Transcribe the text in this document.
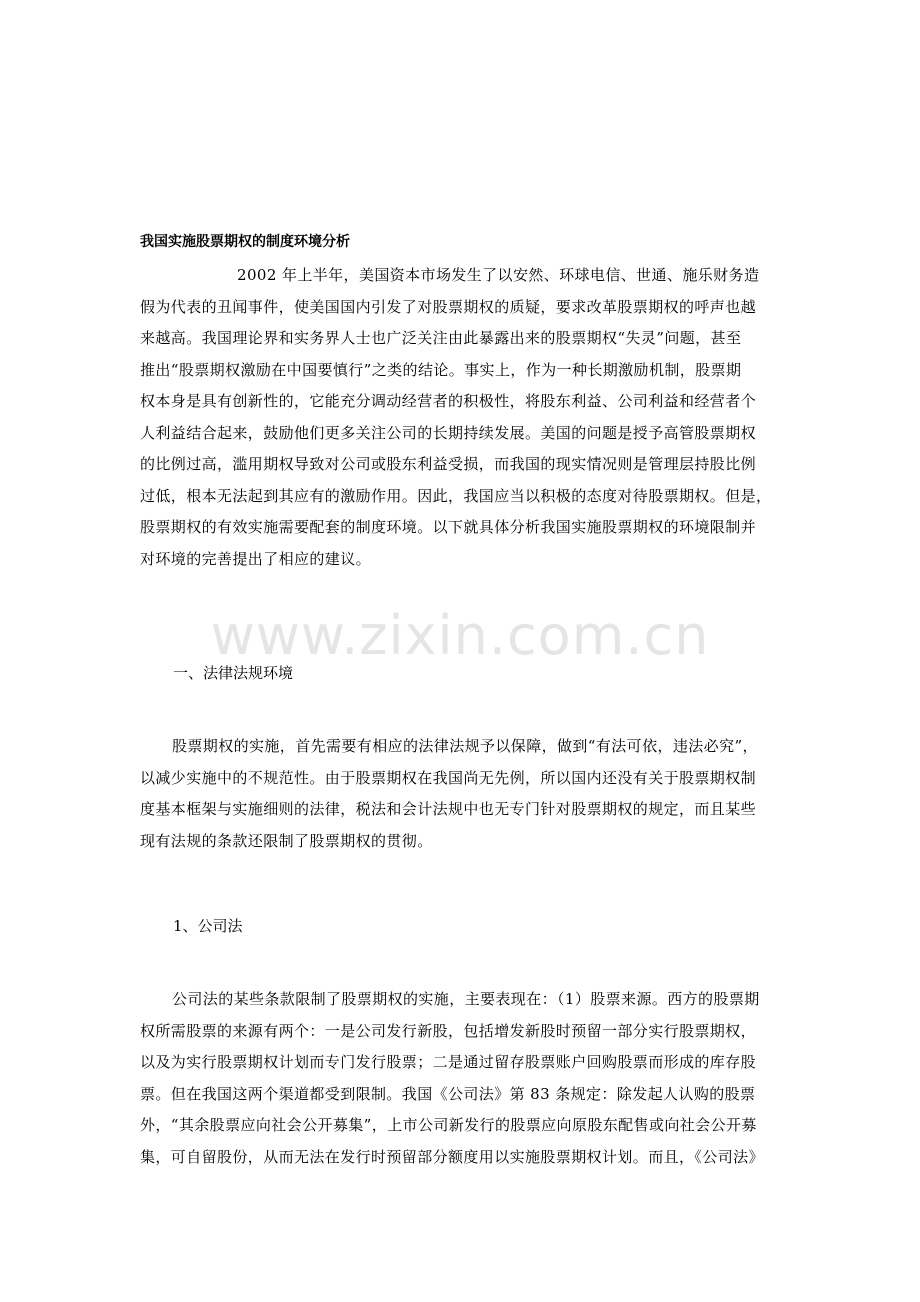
我国实施股票期权的制度环境分析
2002 年上半年，美国资本市场发生了以安然、环球电信、世通、施乐财务造
假为代表的丑闻事件，使美国国内引发了对股票期权的质疑，要求改革股票期权的呼声也越
来越高。我国理论界和实务界人士也广泛关注由此暴露出来的股票期权“失灵”问题，甚至
推出“股票期权激励在中国要慎行”之类的结论。事实上，作为一种长期激励机制，股票期
权本身是具有创新性的，它能充分调动经营者的积极性，将股东利益、公司利益和经营者个
人利益结合起来，鼓励他们更多关注公司的长期持续发展。美国的问题是授予高管股票期权
的比例过高，滥用期权导致对公司或股东利益受损，而我国的现实情况则是管理层持股比例
过低，根本无法起到其应有的激励作用。因此，我国应当以积极的态度对待股票期权。但是，
股票期权的有效实施需要配套的制度环境。以下就具体分析我国实施股票期权的环境限制并
对环境的完善提出了相应的建议。
www.zixin.com.cn
一、法律法规环境
股票期权的实施，首先需要有相应的法律法规予以保障，做到“有法可依，违法必究”，
以减少实施中的不规范性。由于股票期权在我国尚无先例，所以国内还没有关于股票期权制
度基本框架与实施细则的法律，税法和会计法规中也无专门针对股票期权的规定，而且某些
现有法规的条款还限制了股票期权的贯彻。
1、公司法
公司法的某些条款限制了股票期权的实施，主要表现在：（1）股票来源。西方的股票期
权所需股票的来源有两个：一是公司发行新股，包括增发新股时预留一部分实行股票期权，
以及为实行股票期权计划而专门发行股票；二是通过留存股票账户回购股票而形成的库存股
票。但在我国这两个渠道都受到限制。我国《公司法》第 83 条规定：除发起人认购的股票
外，“其余股票应向社会公开募集”，上市公司新发行的股票应向原股东配售或向社会公开募
集，可自留股份，从而无法在发行时预留部分额度用以实施股票期权计划。而且，《公司法》
